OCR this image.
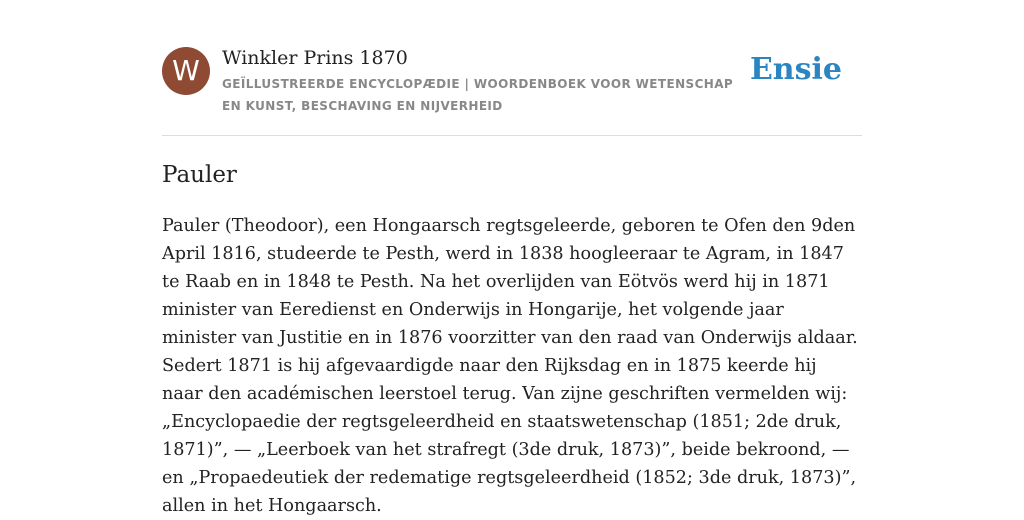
W	Winkler Prins 1870
GEÏLLUSTREERDE ENCYCLOPÆDIE | WOORDENBOEK VOOR WETENSCHAP EN KUNST, BESCHAVING EN NIJVERHEID
Ensie
Pauler

Pauler (Theodoor), een Hongaarsch regtsgeleerde, geboren te Ofen den 9den April 1816, studeerde te Pesth, werd in 1838 hoogleeraar te Agram, in 1847 te Raab en in 1848 te Pesth. Na het overlijden van Eötvös werd hij in 1871 minister van Eeredienst en Onderwijs in Hongarije, het volgende jaar minister van Justitie en in 1876 voorzitter van den raad van Onderwijs aldaar. Sedert 1871 is hij afgevaardigde naar den Rijksdag en in 1875 keerde hij naar den académischen leerstoel terug. Van zijne geschriften vermelden wij: „Encyclopaedie der regtsgeleerdheid en staatswetenschap (1851; 2de druk, 1871)”, — „Leerboek van het strafregt (3de druk, 1873)”, beide bekroond, — en „Propaedeutiek der redematige regtsgeleerdheid (1852; 3de druk, 1873)”, allen in het Hongaarsch.
